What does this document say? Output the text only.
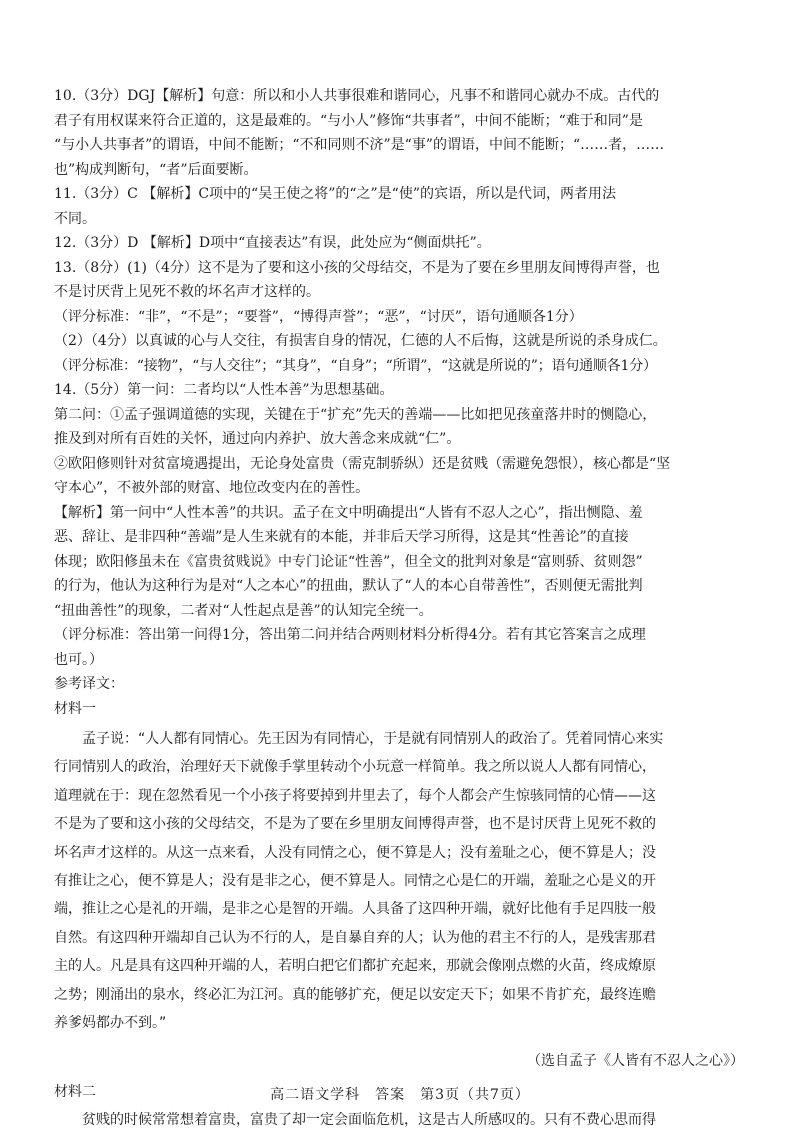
10.（3分）DGJ【解析】句意：所以和小人共事很难和谐同心，凡事不和谐同心就办不成。古代的

君子有用权谋来符合正道的，这是最难的。“与小人”修饰“共事者”，中间不能断；“难于和同”是

“与小人共事者”的谓语，中间不能断；“不和同则不济”是“事”的谓语，中间不能断；“……者，……

也”构成判断句，“者”后面要断。

11.（3分）C 【解析】C项中的“吴王使之将”的“之”是“使”的宾语，所以是代词，两者用法

不同。

12.（3分）D 【解析】D项中“直接表达”有误，此处应为“侧面烘托”。

13.（8分）(1)（4分）这不是为了要和这小孩的父母结交，不是为了要在乡里朋友间博得声誉，也

不是讨厌背上见死不救的坏名声才这样的。

（评分标准：“非”，“不是”；“要誉”，“博得声誉”；“恶”，“讨厌”，语句通顺各1分）

（2）（4分）以真诚的心与人交往，有损害自身的情况，仁德的人不后悔，这就是所说的杀身成仁。

（评分标准：“接物”，“与人交往”；“其身”，“自身”；“所谓”，“这就是所说的”；语句通顺各1分）

14.（5分）第一问：二者均以“人性本善”为思想基础。

第二问：①孟子强调道德的实现，关键在于“扩充”先天的善端——比如把见孩童落井时的恻隐心，

推及到对所有百姓的关怀，通过向内养护、放大善念来成就“仁”。

②欧阳修则针对贫富境遇提出，无论身处富贵（需克制骄纵）还是贫贱（需避免怨恨），核心都是“坚

守本心”，不被外部的财富、地位改变内在的善性。

【解析】第一问中“人性本善”的共识。孟子在文中明确提出“人皆有不忍人之心”，指出恻隐、羞

恶、辞让、是非四种“善端”是人生来就有的本能，并非后天学习所得，这是其“性善论”的直接

体现；欧阳修虽未在《富贵贫贱说》中专门论证“性善”，但全文的批判对象是“富则骄、贫则怨”

的行为，他认为这种行为是对“人之本心”的扭曲，默认了“人的本心自带善性”，否则便无需批判

“扭曲善性”的现象，二者对“人性起点是善”的认知完全统一。

（评分标准：答出第一问得1分，答出第二问并结合两则材料分析得4分。若有其它答案言之成理

也可。）

参考译文：

材料一

孟子说：“人人都有同情心。先王因为有同情心，于是就有同情别人的政治了。凭着同情心来实

行同情别人的政治，治理好天下就像手掌里转动个小玩意一样简单。我之所以说人人都有同情心，

道理就在于：现在忽然看见一个小孩子将要掉到井里去了，每个人都会产生惊骇同情的心情——这

不是为了要和这小孩的父母结交，不是为了要在乡里朋友间博得声誉，也不是讨厌背上见死不救的

坏名声才这样的。从这一点来看，人没有同情之心，便不算是人；没有羞耻之心，便不算是人；没

有推让之心，便不算是人；没有是非之心，便不算是人。同情之心是仁的开端，羞耻之心是义的开

端，推让之心是礼的开端，是非之心是智的开端。人具备了这四种开端，就好比他有手足四肢一般

自然。有这四种开端却自己认为不行的人，是自暴自弃的人；认为他的君主不行的人，是残害那君

主的人。凡是具有这四种开端的人，若明白把它们都扩充起来，那就会像刚点燃的火苗，终成燎原

之势；刚涌出的泉水，终必汇为江河。真的能够扩充，便足以安定天下；如果不肯扩充，最终连赡

养爹妈都办不到。”

（选自孟子《人皆有不忍人之心》）

材料二

贫贱的时候常常想着富贵，富贵了却一定会面临危机，这是古人所感叹的。只有不费心思而得

高二语文学科　答案　第3页（共7页）
